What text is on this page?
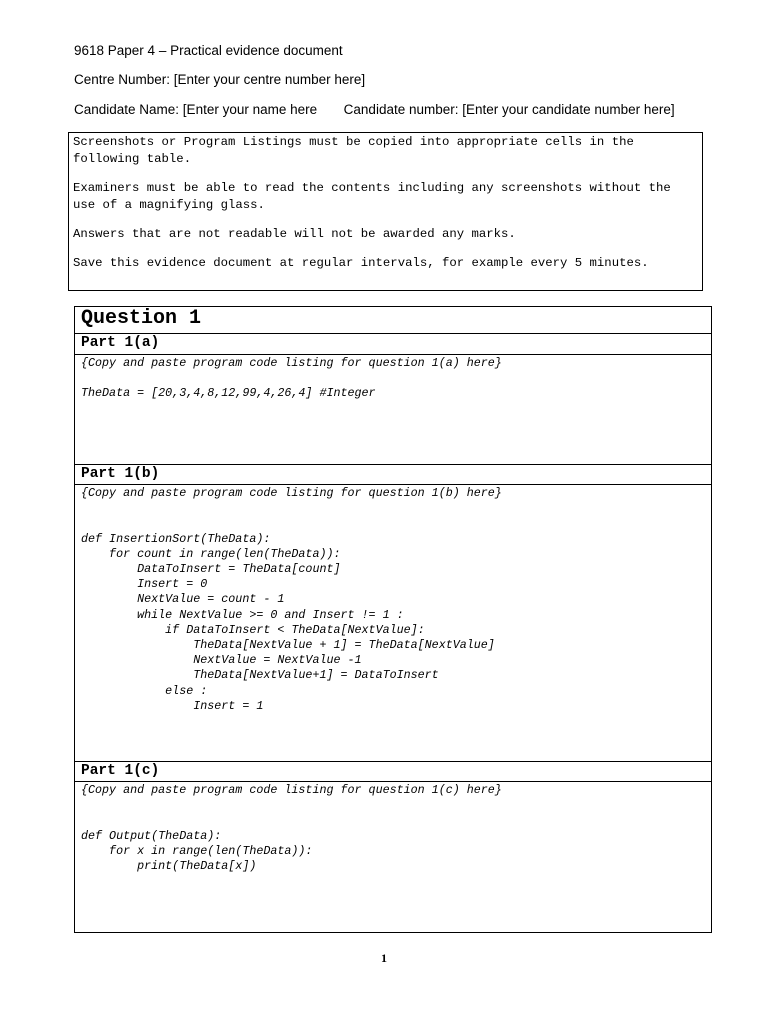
9618 Paper 4 – Practical evidence document
Centre Number: [Enter your centre number here]
Candidate Name: [Enter your name here Candidate number: [Enter your candidate number here]

Screenshots or Program Listings must be copied into appropriate cells in the following table.

Examiners must be able to read the contents including any screenshots without the use of a magnifying glass.

Answers that are not readable will not be awarded any marks.

Save this evidence document at regular intervals, for example every 5 minutes.

Question 1
Part 1(a)
{Copy and paste program code listing for question 1(a) here}

TheData = [20,3,4,8,12,99,4,26,4] #Integer
Part 1(b)
{Copy and paste program code listing for question 1(b) here}

def InsertionSort(TheData):
for count in range(len(TheData)):
DataToInsert = TheData[count]
Insert = 0
NextValue = count - 1
while NextValue >= 0 and Insert != 1 :
if DataToInsert < TheData[NextValue]:
TheData[NextValue + 1] = TheData[NextValue]
NextValue = NextValue -1
TheData[NextValue+1] = DataToInsert
else :
Insert = 1
Part 1(c)
{Copy and paste program code listing for question 1(c) here}

def Output(TheData):
for x in range(len(TheData)):
print(TheData[x])
1
